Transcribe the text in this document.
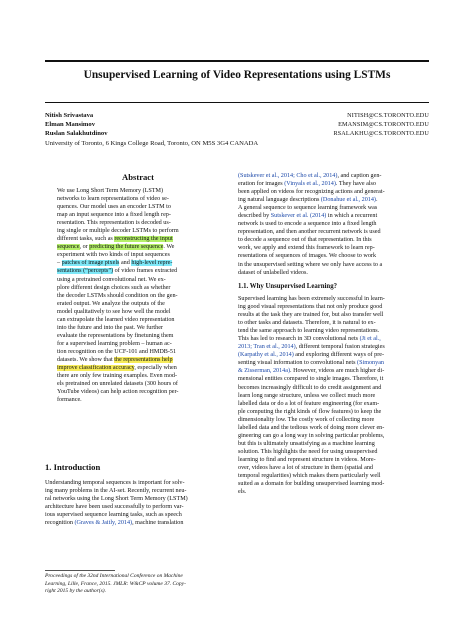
Unsupervised Learning of Video Representations using LSTMs
Nitish Srivastava	NITISH@CS.TORONTO.EDU
Elman Mansimov	EMANSIM@CS.TORONTO.EDU
Ruslan Salakhutdinov	RSALAKHU@CS.TORONTO.EDU
University of Toronto, 6 Kings College Road, Toronto, ON M5S 3G4 CANADA
Abstract
We use Long Short Term Memory (LSTM)
networks to learn representations of video se-
quences. Our model uses an encoder LSTM to
map an input sequence into a fixed length rep-
resentation. This representation is decoded us-
ing single or multiple decoder LSTMs to perform
different tasks, such as reconstructing the input
sequence, or predicting the future sequence. We
experiment with two kinds of input sequences
– patches of image pixels and high-level repre-
sentations (“percepts”) of video frames extracted
using a pretrained convolutional net. We ex-
plore different design choices such as whether
the decoder LSTMs should condition on the gen-
erated output. We analyze the outputs of the
model qualitatively to see how well the model
can extrapolate the learned video representation
into the future and into the past. We further
evaluate the representations by finetuning them
for a supervised learning problem – human ac-
tion recognition on the UCF-101 and HMDB-51
datasets. We show that the representations help
improve classification accuracy, especially when
there are only few training examples. Even mod-
els pretrained on unrelated datasets (300 hours of
YouTube videos) can help action recognition per-
formance.
1. Introduction
Understanding temporal sequences is important for solv-
ing many problems in the AI-set. Recently, recurrent neu-
ral networks using the Long Short Term Memory (LSTM)
architecture have been used successfully to perform var-
ious supervised sequence learning tasks, such as speech
recognition (Graves & Jaitly, 2014), machine translation
Proceedings of the 32nd International Conference on Machine
Learning, Lille, France, 2015. JMLR: W&CP volume 37. Copy-
right 2015 by the author(s).
(Sutskever et al., 2014; Cho et al., 2014), and caption gen-
eration for images (Vinyals et al., 2014). They have also
been applied on videos for recognizing actions and generat-
ing natural language descriptions (Donahue et al., 2014).
A general sequence to sequence learning framework was
described by Sutskever et al. (2014) in which a recurrent
network is used to encode a sequence into a fixed length
representation, and then another recurrent network is used
to decode a sequence out of that representation. In this
work, we apply and extend this framework to learn rep-
resentations of sequences of images. We choose to work
in the unsupervised setting where we only have access to a
dataset of unlabelled videos.
1.1. Why Unsupervised Learning?
Supervised learning has been extremely successful in learn-
ing good visual representations that not only produce good
results at the task they are trained for, but also transfer well
to other tasks and datasets. Therefore, it is natural to ex-
tend the same approach to learning video representations.
This has led to research in 3D convolutional nets (Ji et al.,
2013; Tran et al., 2014), different temporal fusion strategies
(Karpathy et al., 2014) and exploring different ways of pre-
senting visual information to convolutional nets (Simonyan
& Zisserman, 2014a). However, videos are much higher di-
mensional entities compared to single images. Therefore, it
becomes increasingly difficult to do credit assignment and
learn long range structure, unless we collect much more
labelled data or do a lot of feature engineering (for exam-
ple computing the right kinds of flow features) to keep the
dimensionality low. The costly work of collecting more
labelled data and the tedious work of doing more clever en-
gineering can go a long way in solving particular problems,
but this is ultimately unsatisfying as a machine learning
solution. This highlights the need for using unsupervised
learning to find and represent structure in videos. More-
over, videos have a lot of structure in them (spatial and
temporal regularities) which makes them particularly well
suited as a domain for building unsupervised learning mod-
els.
